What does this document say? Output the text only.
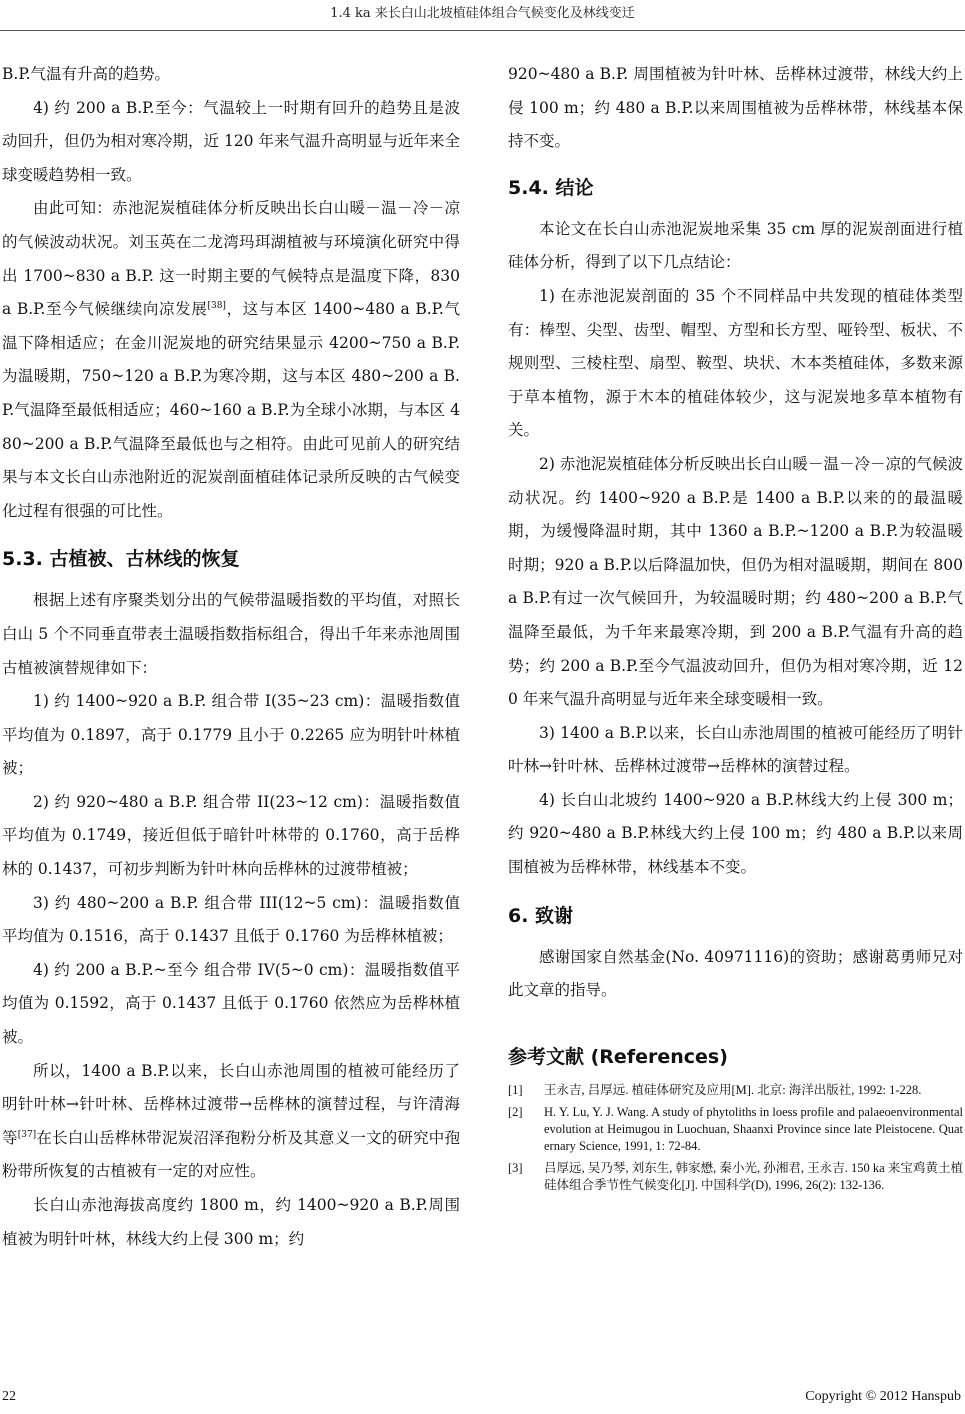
1.4 ka 来长白山北坡植硅体组合气候变化及林线变迁

B.P.气温有升高的趋势。

4) 约 200 a B.P.至今：气温较上一时期有回升的趋势且是波动回升，但仍为相对寒冷期，近 120 年来气温升高明显与近年来全球变暖趋势相一致。

由此可知：赤池泥炭植硅体分析反映出长白山暖－温－冷－凉的气候波动状况。刘玉英在二龙湾玛珥湖植被与环境演化研究中得出 1700~830 a B.P. 这一时期主要的气候特点是温度下降，830 a B.P.至今气候继续向凉发展[38]，这与本区 1400~480 a B.P.气温下降相适应；在金川泥炭地的研究结果显示 4200~750 a B.P.为温暖期，750~120 a B.P.为寒冷期，这与本区 480~200 a B.P.气温降至最低相适应；460~160 a B.P.为全球小冰期，与本区 480~200 a B.P.气温降至最低也与之相符。由此可见前人的研究结果与本文长白山赤池附近的泥炭剖面植硅体记录所反映的古气候变化过程有很强的可比性。

5.3. 古植被、古林线的恢复

根据上述有序聚类划分出的气候带温暖指数的平均值，对照长白山 5 个不同垂直带表土温暖指数指标组合，得出千年来赤池周围古植被演替规律如下：

1) 约 1400~920 a B.P. 组合带 I(35~23 cm)：温暖指数值平均值为 0.1897，高于 0.1779 且小于 0.2265 应为明针叶林植被；

2) 约 920~480 a B.P. 组合带 II(23~12 cm)：温暖指数值平均值为 0.1749，接近但低于暗针叶林带的 0.1760，高于岳桦林的 0.1437，可初步判断为针叶林向岳桦林的过渡带植被；

3) 约 480~200 a B.P. 组合带 III(12~5 cm)：温暖指数值平均值为 0.1516，高于 0.1437 且低于 0.1760 为岳桦林植被；

4) 约 200 a B.P.~至今 组合带 IV(5~0 cm)：温暖指数值平均值为 0.1592，高于 0.1437 且低于 0.1760 依然应为岳桦林植被。

所以，1400 a B.P.以来，长白山赤池周围的植被可能经历了明针叶林→针叶林、岳桦林过渡带→岳桦林的演替过程，与许清海等[37]在长白山岳桦林带泥炭沼泽孢粉分析及其意义一文的研究中孢粉带所恢复的古植被有一定的对应性。

长白山赤池海拔高度约 1800 m，约 1400~920 a B.P.周围植被为明针叶林，林线大约上侵 300 m；约

920~480 a B.P. 周围植被为针叶林、岳桦林过渡带，林线大约上侵 100 m；约 480 a B.P.以来周围植被为岳桦林带，林线基本保持不变。

5.4. 结论

本论文在长白山赤池泥炭地采集 35 cm 厚的泥炭剖面进行植硅体分析，得到了以下几点结论：

1) 在赤池泥炭剖面的 35 个不同样品中共发现的植硅体类型有：棒型、尖型、齿型、帽型、方型和长方型、哑铃型、板状、不规则型、三棱柱型、扇型、鞍型、块状、木本类植硅体，多数来源于草本植物，源于木本的植硅体较少，这与泥炭地多草本植物有关。

2) 赤池泥炭植硅体分析反映出长白山暖－温－冷－凉的气候波动状况。约 1400~920 a B.P.是 1400 a B.P.以来的的最温暖期，为缓慢降温时期，其中 1360 a B.P.~1200 a B.P.为较温暖时期；920 a B.P.以后降温加快，但仍为相对温暖期，期间在 800 a B.P.有过一次气候回升，为较温暖时期；约 480~200 a B.P.气温降至最低，为千年来最寒冷期，到 200 a B.P.气温有升高的趋势；约 200 a B.P.至今气温波动回升，但仍为相对寒冷期，近 120 年来气温升高明显与近年来全球变暖相一致。

3) 1400 a B.P.以来，长白山赤池周围的植被可能经历了明针叶林→针叶林、岳桦林过渡带→岳桦林的演替过程。

4) 长白山北坡约 1400~920 a B.P.林线大约上侵 300 m；约 920~480 a B.P.林线大约上侵 100 m；约 480 a B.P.以来周围植被为岳桦林带，林线基本不变。

6. 致谢

感谢国家自然基金(No. 40971116)的资助；感谢葛勇师兄对此文章的指导。

参考文献 (References)
[1]	王永吉, 吕厚远. 植硅体研究及应用[M]. 北京: 海洋出版社, 1992: 1-228.
[2]	H. Y. Lu, Y. J. Wang. A study of phytoliths in loess profile and palaeoenvironmental evolution at Heimugou in Luochuan, Shaanxi Province since late Pleistocene. Quaternary Science, 1991, 1: 72-84.
[3]	吕厚远, 吴乃琴, 刘东生, 韩家懋, 秦小光, 孙湘君, 王永吉. 150 ka 来宝鸡黄土植硅体组合季节性气候变化[J]. 中国科学(D), 1996, 26(2): 132-136.
22	Copyright © 2012 Hanspub
